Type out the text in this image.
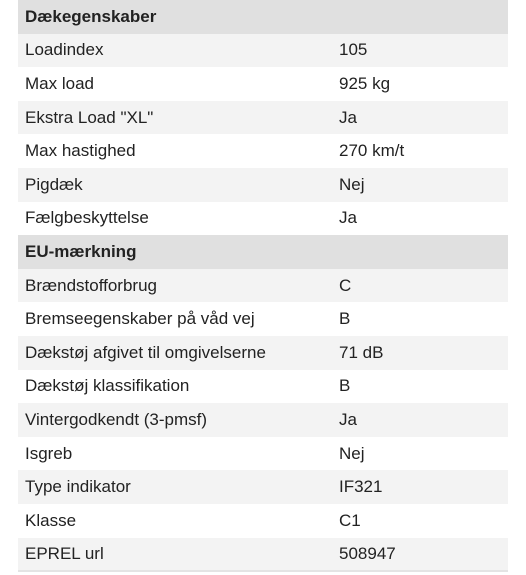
Dækegenskaber
Loadindex	105
Max load	925 kg
Ekstra Load "XL"	Ja
Max hastighed	270 km/t
Pigdæk	Nej
Fælgbeskyttelse	Ja
EU-mærkning
Brændstofforbrug	C
Bremseegenskaber på våd vej	B
Dækstøj afgivet til omgivelserne	71 dB
Dækstøj klassifikation	B
Vintergodkendt (3-pmsf)	Ja
Isgreb	Nej
Type indikator	IF321
Klasse	C1
EPREL url	508947
